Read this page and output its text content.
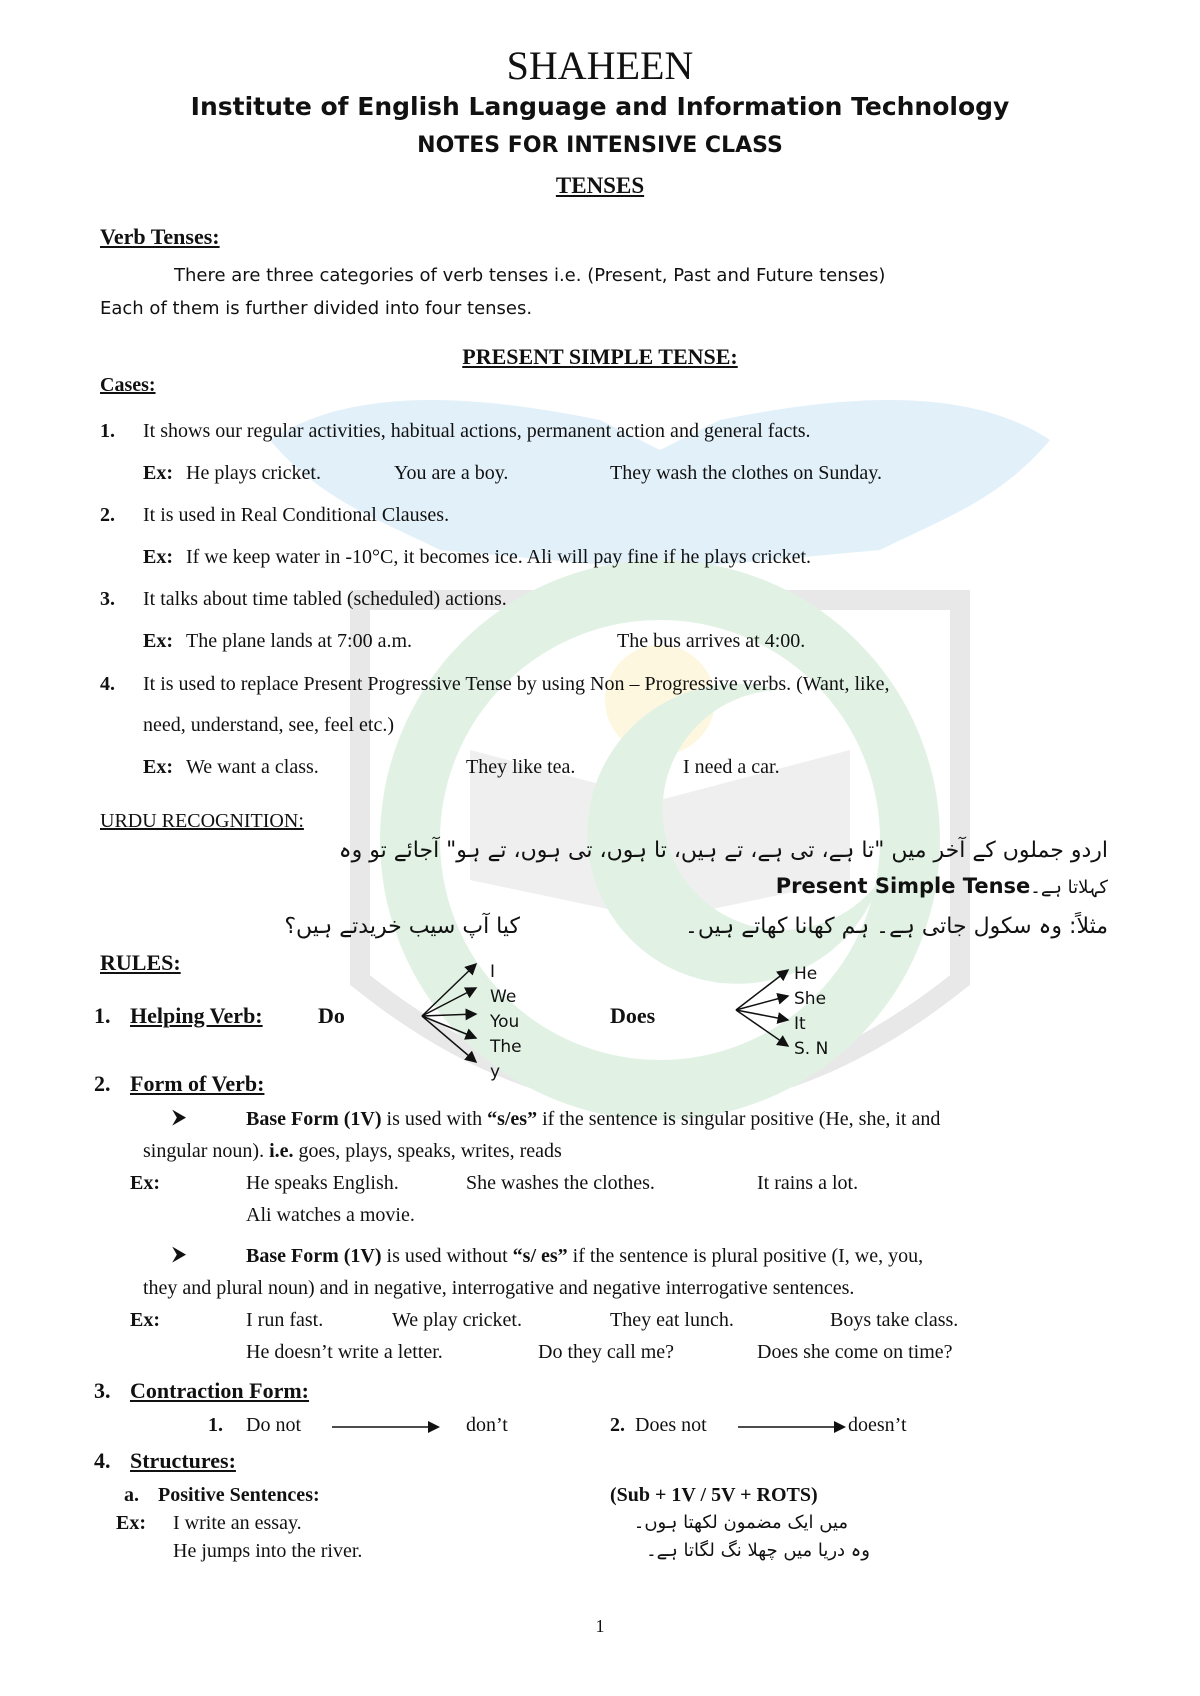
SHAHEEN
Institute of English Language and Information Technology
NOTES FOR INTENSIVE CLASS
TENSES
Verb Tenses:
There are three categories of verb tenses i.e. (Present, Past and Future tenses)
Each of them is further divided into four tenses.
PRESENT SIMPLE TENSE:
Cases:
1. It shows our regular activities, habitual actions, permanent action and general facts.
Ex: He plays cricket.	You are a boy.	They wash the clothes on Sunday.
2. It is used in Real Conditional Clauses.
Ex: If we keep water in -10°C, it becomes ice. Ali will pay fine if he plays cricket.
3. It talks about time tabled (scheduled) actions.
Ex: The plane lands at 7:00 a.m.	The bus arrives at 4:00.
4. It is used to replace Present Progressive Tense by using Non – Progressive verbs. (Want, like,
need, understand, see, feel etc.)
Ex: We want a class.	They like tea.	I need a car.
URDU RECOGNITION:
اردو جملوں کے آخر میں "تا ہے، تی ہے، تے ہیں، تا ہوں، تی ہوں، تے ہو" آجائے تو وہ
Present Simple Tenseکہلاتا ہے۔
مثلاً: وہ سکول جاتی ہے۔ ہم کھانا کھاتے ہیں۔
کیا آپ سیب خریدتے ہیں؟
RULES:
1. Helping Verb:	Do
I
We
You
The
y
Does
He
She
It
S. N
2. Form of Verb:
⮞	Base Form (1V) is used with “s/es” if the sentence is singular positive (He, she, it and
singular noun). i.e. goes, plays, speaks, writes, reads
Ex:	He speaks English.	She washes the clothes.	It rains a lot.
Ali watches a movie.
⮞	Base Form (1V) is used without “s/ es” if the sentence is plural positive (I, we, you,
they and plural noun) and in negative, interrogative and negative interrogative sentences.
Ex:	I run fast.	We play cricket.	They eat lunch.	Boys take class.
He doesn’t write a letter.	Do they call me?	Does she come on time?
3. Contraction Form:
1. Do not	don’t	2. Does not	doesn’t
4. Structures:
a. Positive Sentences:	(Sub + 1V / 5V + ROTS)
Ex: I write an essay.
He jumps into the river.
میں ایک مضمون لکھتا ہوں۔
وہ دریا میں چھلا نگ لگاتا ہے۔
1
